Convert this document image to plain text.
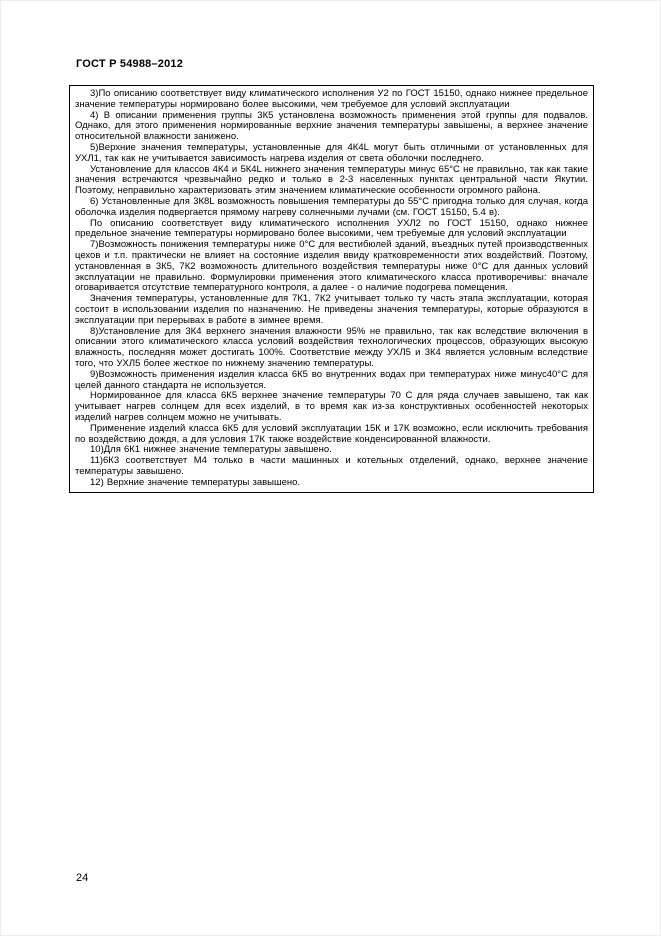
ГОСТ Р 54988–2012

3)По описанию соответствует виду климатического исполнения У2 по ГОСТ 15150, однако нижнее предельное значение температуры нормировано более высокими, чем требуемое для условий эксплуатации

4) В описании применения группы 3К5 установлена возможность применения этой группы для подвалов. Однако, для этого применения нормированные верхние значения температуры завышены, а верхнее значение относительной влажности занижено.

5)Верхние значения температуры, установленные для 4К4L могут быть отличными от установленных для УХЛ1, так как не учитывается зависимость нагрева изделия от света оболочки последнего.

Установление для классов 4К4 и 5К4L нижнего значения температуры минус 65°С не правильно, так как такие значения встречаются чрезвычайно редко и только в 2-3 населенных пунктах центральной части Якутии. Поэтому, неправильно характеризовать этим значением климатические особенности огромного района.

6) Установленные для 3К8L возможность повышения температуры до 55°С пригодна только для случая, когда оболочка изделия подвергается прямому нагреву солнечными лучами (см. ГОСТ 15150, 5.4 в).

По описанию соответствует виду климатического исполнения УХЛ2 по ГОСТ 15150, однако нижнее предельное значение температуры нормировано более высокими, чем требуемые для условий эксплуатации

7)Возможность понижения температуры ниже 0°С для вестибюлей зданий, въездных путей производственных цехов и т.п. практически не влияет на состояние изделия ввиду кратковременности этих воздействий. Поэтому, установленная в 3К5, 7К2 возможность длительного воздействия температуры ниже 0°С для данных условий эксплуатации не правильно. Формулировки применения этого климатического класса противоречивы: вначале оговаривается отсутствие температурного контроля, а далее - о наличие подогрева помещения.

Значения температуры, установленные для 7К1, 7К2 учитывает только ту часть этапа эксплуатации, которая состоит в использовании изделия по назначению. Не приведены значения температуры, которые образуются в эксплуатации при перерывах в работе в зимнее время.

8)Установление для 3К4 верхнего значения влажности 95% не правильно, так как вследствие включения в описании этого климатического класса условий воздействия технологических процессов, образующих высокую влажность, последняя может достигать 100%. Соответствие между УХЛ5 и 3К4 является условным вследствие того, что УХЛ5 более жесткое по нижнему значению температуры.

9)Возможность применения изделия класса 6К5 во внутренних водах при температурах ниже минус40°С для целей данного стандарта не используется.

Нормированное для класса 6К5 верхнее значение температуры 70 С для ряда случаев завышено, так как учитывает нагрев солнцем для всех изделий, в то время как из-за конструктивных особенностей некоторых изделий нагрев солнцем можно не учитывать.

Применение изделий класса 6К5 для условий эксплуатации 15К и 17К возможно, если исключить требования по воздействию дождя, а для условия 17К также воздействие конденсированной влажности.

10)Для 6К1 нижнее значение температуры завышено.

11)6К3 соответствует М4 только в части машинных и котельных отделений, однако, верхнее значение температуры завышено.

12) Верхние значение температуры завышено.

24
